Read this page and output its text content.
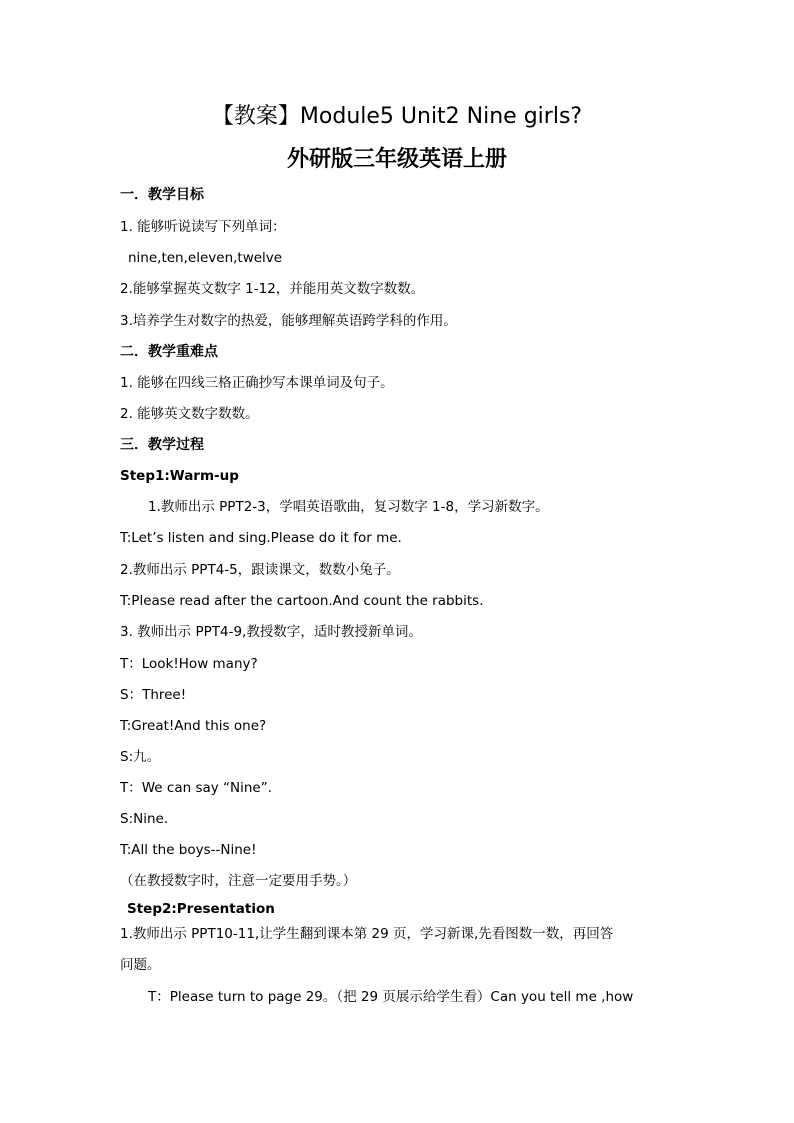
【教案】Module5 Unit2 Nine girls?
外研版三年级英语上册
一．教学目标
1. 能够听说读写下列单词：
nine,ten,eleven,twelve
2.能够掌握英文数字 1-12，并能用英文数字数数。
3.培养学生对数字的热爱，能够理解英语跨学科的作用。
二．教学重难点
1. 能够在四线三格正确抄写本课单词及句子。
2. 能够英文数字数数。
三．教学过程
Step1:Warm-up
1.教师出示 PPT2-3，学唱英语歌曲，复习数字 1-8，学习新数字。
T:Let’s listen and sing.Please do it for me.
2.教师出示 PPT4-5，跟读课文，数数小兔子。
T:Please read after the cartoon.And count the rabbits.
3. 教师出示 PPT4-9,教授数字，适时教授新单词。
T：Look!How many?
S：Three!
T:Great!And this one?
S:九。
T：We can say “Nine”.
S:Nine.
T:All the boys--Nine!
（在教授数字时，注意一定要用手势。）
Step2:Presentation
1.教师出示 PPT10-11,让学生翻到课本第 29 页，学习新课,先看图数一数，再回答
问题。
T：Please turn to page 29。（把 29 页展示给学生看）Can you tell me ,how
